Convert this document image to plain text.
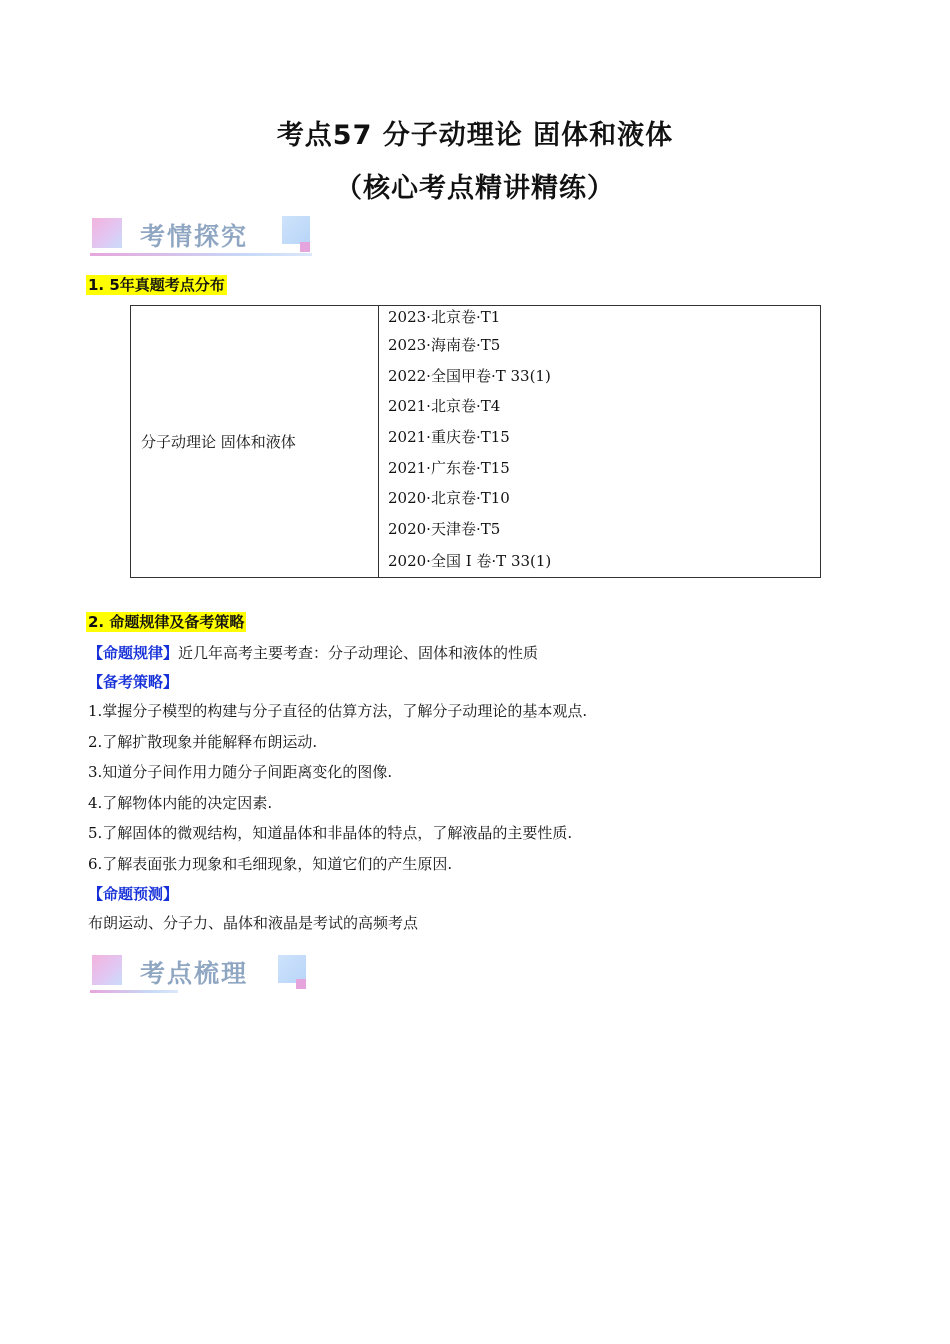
考点57 分子动理论 固体和液体
（核心考点精讲精练）
考情探究
1. 5年真题考点分布
分子动理论 固体和液体	
2023·北京卷·T1
2023·海南卷·T5
2022·全国甲卷·T 33(1)
2021·北京卷·T4
2021·重庆卷·T15
2021·广东卷·T15
2020·北京卷·T10
2020·天津卷·T5
2020·全国 I 卷·T 33(1)
2. 命题规律及备考策略
【命题规律】近几年高考主要考查：分子动理论、固体和液体的性质
【备考策略】
1.掌握分子模型的构建与分子直径的估算方法，了解分子动理论的基本观点.
2.了解扩散现象并能解释布朗运动.
3.知道分子间作用力随分子间距离变化的图像.
4.了解物体内能的决定因素.
5.了解固体的微观结构，知道晶体和非晶体的特点，了解液晶的主要性质.
6.了解表面张力现象和毛细现象，知道它们的产生原因.
【命题预测】
布朗运动、分子力、晶体和液晶是考试的高频考点
考点梳理
